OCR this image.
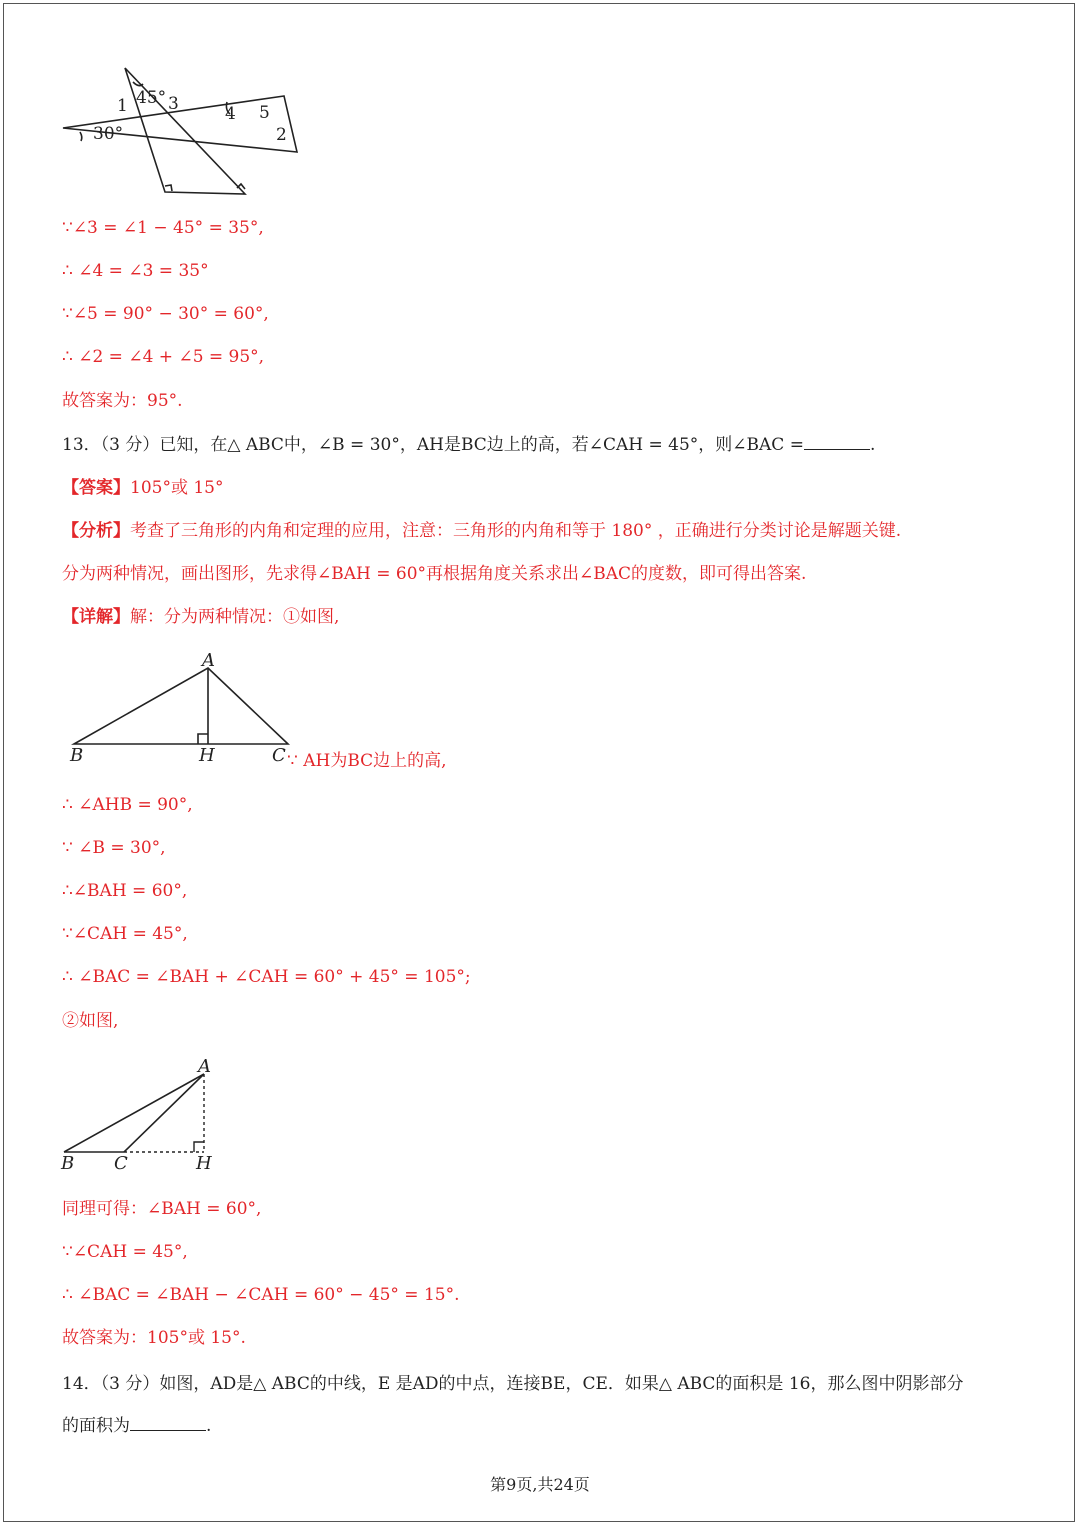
1 45° 3	4 5
2
30°
∵∠3 = ∠1 − 45° = 35°,
∴ ∠4 = ∠3 = 35°
∵∠5 = 90° − 30° = 60°,
∴ ∠2 = ∠4 + ∠5 = 95°,
故答案为：95°.
13．（3 分）已知，在△ ABC中，∠B = 30°，AH是BC边上的高，若∠CAH = 45°，则∠BAC =	.
【答案】105°或 15°
【分析】考查了三角形的内角和定理的应用，注意：三角形的内角和等于 180° ，正确进行分类讨论是解题关键.
分为两种情况，画出图形，先求得∠BAH = 60°再根据角度关系求出∠BAC的度数，即可得出答案.
【详解】解：分为两种情况：①如图,
A
B	H	C ∵ AH为BC边上的高,
∴ ∠AHB = 90°,
∵ ∠B = 30°,
∴∠BAH = 60°,
∵∠CAH = 45°,
∴ ∠BAC = ∠BAH + ∠CAH = 60° + 45° = 105°;
②如图,
A
B C	H
同理可得：∠BAH = 60°,
∵∠CAH = 45°,
∴ ∠BAC = ∠BAH − ∠CAH = 60° − 45° = 15°.
故答案为：105°或 15°.
14．（3 分）如图，AD是△ ABC的中线，E 是AD的中点，连接BE，CE．如果△ ABC的面积是 16，那么图中阴影部分
的面积为	.
第9页,共24页
